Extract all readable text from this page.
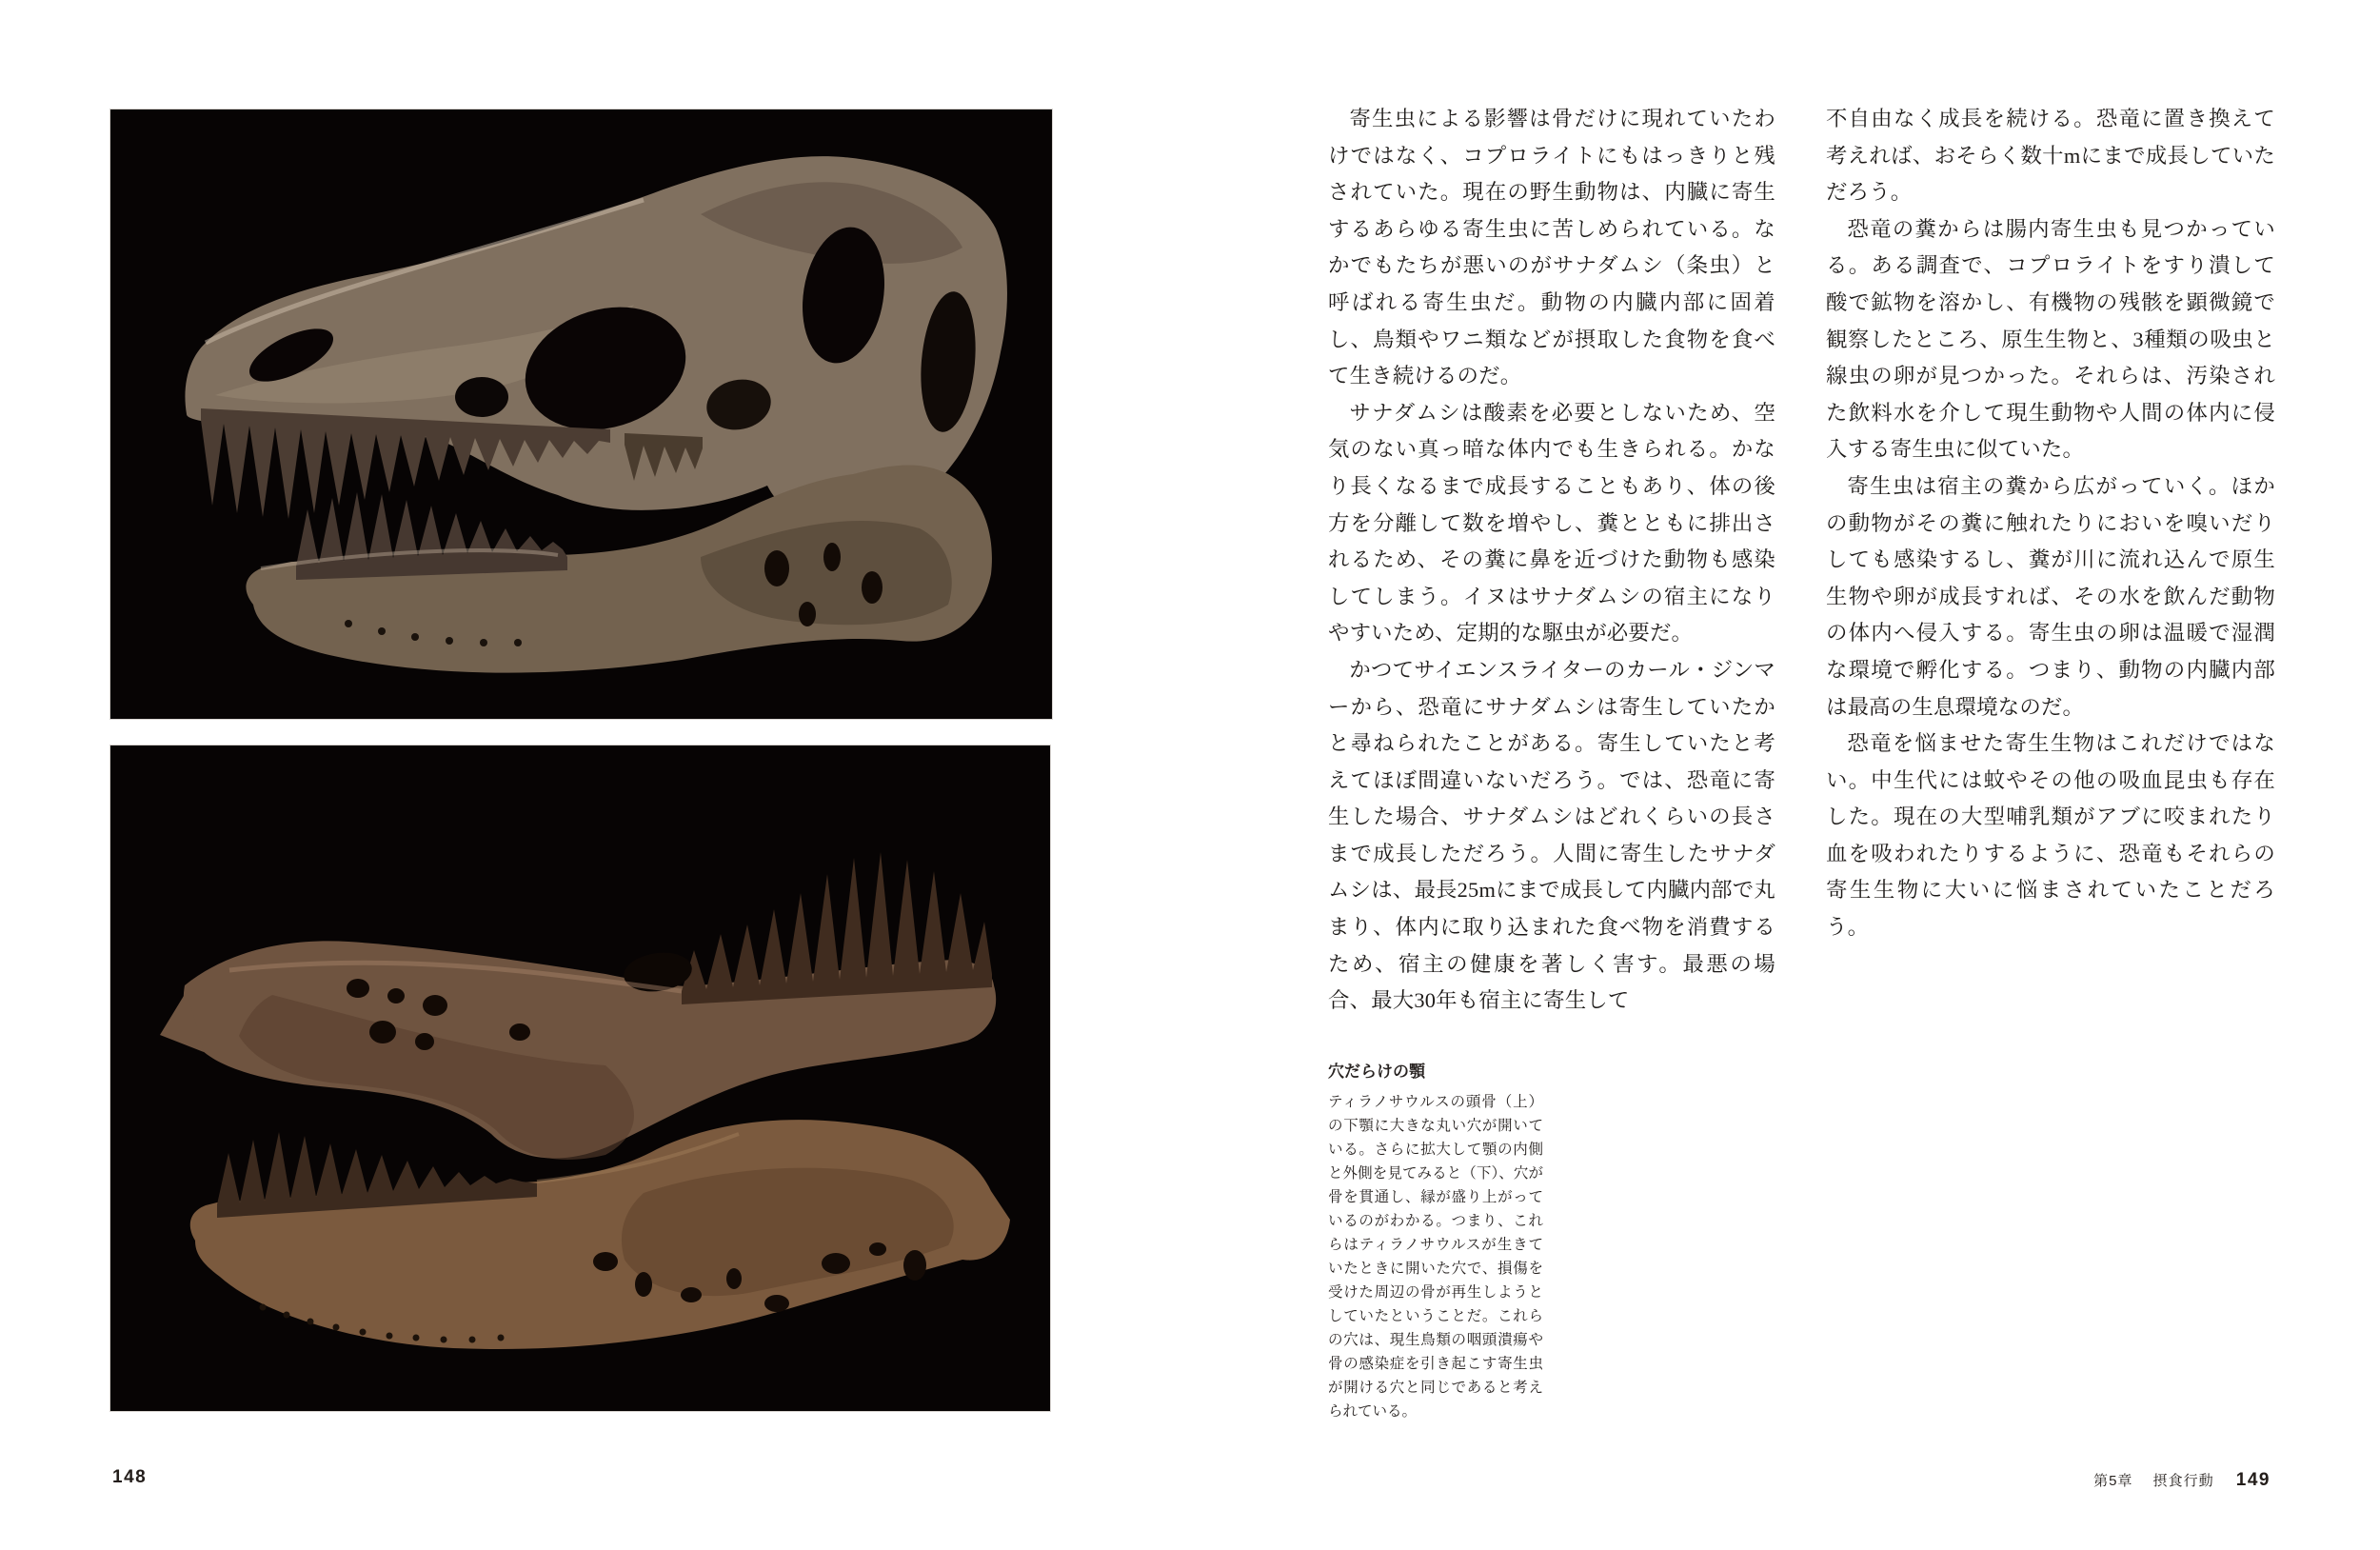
寄生虫による影響は骨だけに現れていたわけではなく、コプロライトにもはっきりと残されていた。現在の野生動物は、内臓に寄生するあらゆる寄生虫に苦しめられている。なかでもたちが悪いのがサナダムシ（条虫）と呼ばれる寄生虫だ。動物の内臓内部に固着し、鳥類やワニ類などが摂取した食物を食べて生き続けるのだ。

サナダムシは酸素を必要としないため、空気のない真っ暗な体内でも生きられる。かなり長くなるまで成長することもあり、体の後方を分離して数を増やし、糞とともに排出されるため、その糞に鼻を近づけた動物も感染してしまう。イヌはサナダムシの宿主になりやすいため、定期的な駆虫が必要だ。

かつてサイエンスライターのカール・ジンマーから、恐竜にサナダムシは寄生していたかと尋ねられたことがある。寄生していたと考えてほぼ間違いないだろう。では、恐竜に寄生した場合、サナダムシはどれくらいの長さまで成長しただろう。人間に寄生したサナダムシは、最長25mにまで成長して内臓内部で丸まり、体内に取り込まれた食べ物を消費するため、宿主の健康を著しく害す。最悪の場合、最大30年も宿主に寄生して

不自由なく成長を続ける。恐竜に置き換えて考えれば、おそらく数十mにまで成長していただろう。

恐竜の糞からは腸内寄生虫も見つかっている。ある調査で、コプロライトをすり潰して酸で鉱物を溶かし、有機物の残骸を顕微鏡で観察したところ、原生生物と、3種類の吸虫と線虫の卵が見つかった。それらは、汚染された飲料水を介して現生動物や人間の体内に侵入する寄生虫に似ていた。

寄生虫は宿主の糞から広がっていく。ほかの動物がその糞に触れたりにおいを嗅いだりしても感染するし、糞が川に流れ込んで原生生物や卵が成長すれば、その水を飲んだ動物の体内へ侵入する。寄生虫の卵は温暖で湿潤な環境で孵化する。つまり、動物の内臓内部は最高の生息環境なのだ。

恐竜を悩ませた寄生生物はこれだけではない。中生代には蚊やその他の吸血昆虫も存在した。現在の大型哺乳類がアブに咬まれたり血を吸われたりするように、恐竜もそれらの寄生生物に大いに悩まされていたことだろう。

穴だらけの顎

ティラノサウルスの頭骨（上）の下顎に大きな丸い穴が開いている。さらに拡大して顎の内側と外側を見てみると（下）、穴が骨を貫通し、縁が盛り上がっているのがわかる。つまり、これらはティラノサウルスが生きていたときに開いた穴で、損傷を受けた周辺の骨が再生しようとしていたということだ。これらの穴は、現生鳥類の咽頭潰瘍や骨の感染症を引き起こす寄生虫が開ける穴と同じであると考えられている。

148	第5章 摂食行動 149
